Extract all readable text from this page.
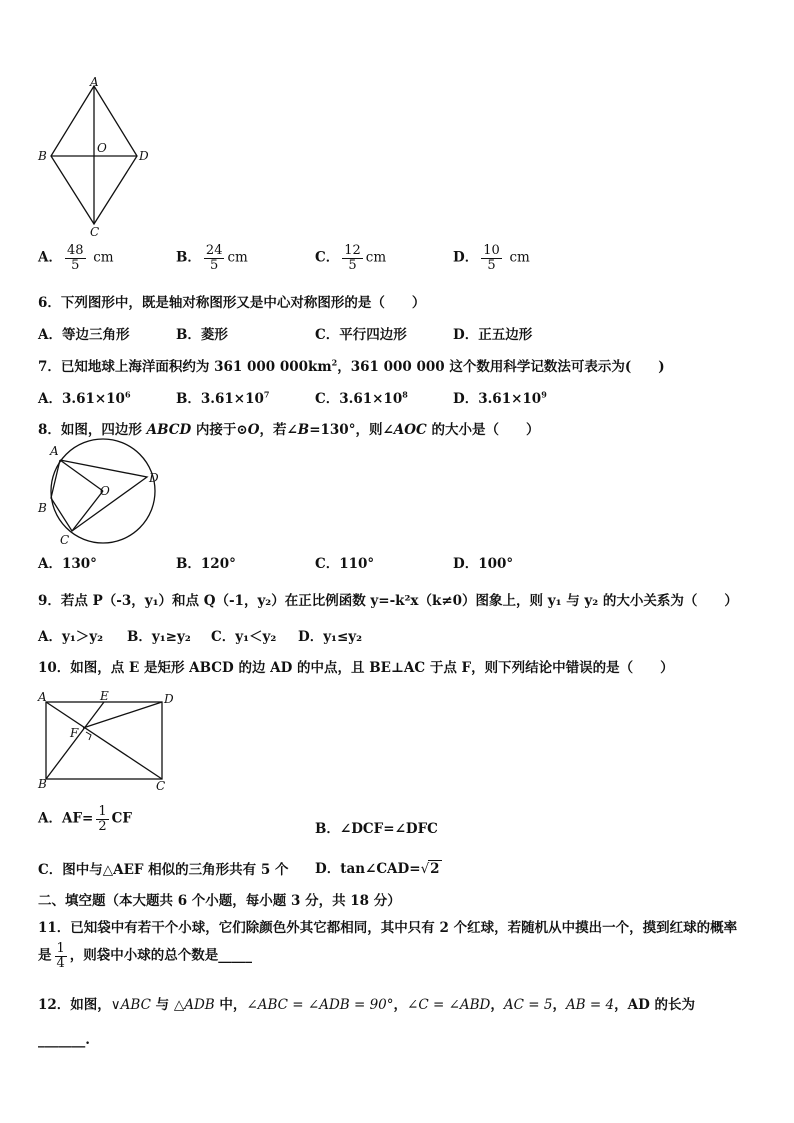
A
B
C
D
O
A． $\frac{48}{5}$ cm	B． $\frac{24}{5}$ cm	C． $\frac{12}{5}$ cm	D． $\frac{10}{5}$ cm
6．下列图形中，既是轴对称图形又是中心对称图形的是（　　）
A．等边三角形	B．菱形	C．平行四边形	D．正五边形
7．已知地球上海洋面积约为 361 000 $000km^2$，361 000 000 这个数用科学记数法可表示为(　　)
A．$3.61\times 10^6$	B．$3.61\times 10^7$	C．$3.61\times 10^8$	D．$3.61\times 10^9$
8．如图，四边形 ABCD 内接于⊙O，若∠B=130°，则∠AOC 的大小是（　　）
A
B
C
D
O
A．130°	B．120°	C．110°	D．100°
9．若点 P（-3，y₁）和点 Q（-1，y₂）在正比例函数 y=-k²x（k≠0）图象上，则 y₁ 与 y₂ 的大小关系为（　　）
A．y₁＞y₂ B．y₁≥y₂ C．y₁＜y₂ D．y₁≤y₂
10．如图，点 E 是矩形 ABCD 的边 AD 的中点，且 BE⊥AC 于点 F，则下列结论中错误的是（　　）
A	E	D
F
B	C
A．$AF= \frac{1}{2}$ CF
B．∠DCF=∠DFC
C．图中与△AEF 相似的三角形共有 5 个 D．tan∠CAD=√2
二、填空题（本大题共 6 个小题，每小题 3 分，共 18 分）
11．已知袋中有若干个小球，它们除颜色外其它都相同，其中只有 2 个红球，若随机从中摸出一个，摸到红球的概率
是 $\frac{1}{4}$ ，则袋中小球的总个数是_____
12．如图，∨ABC 与 △ADB 中，∠ABC = ∠ADB = 90°，∠C = ∠ABD，AC = 5，AB = 4，AD 的长为
_______.
